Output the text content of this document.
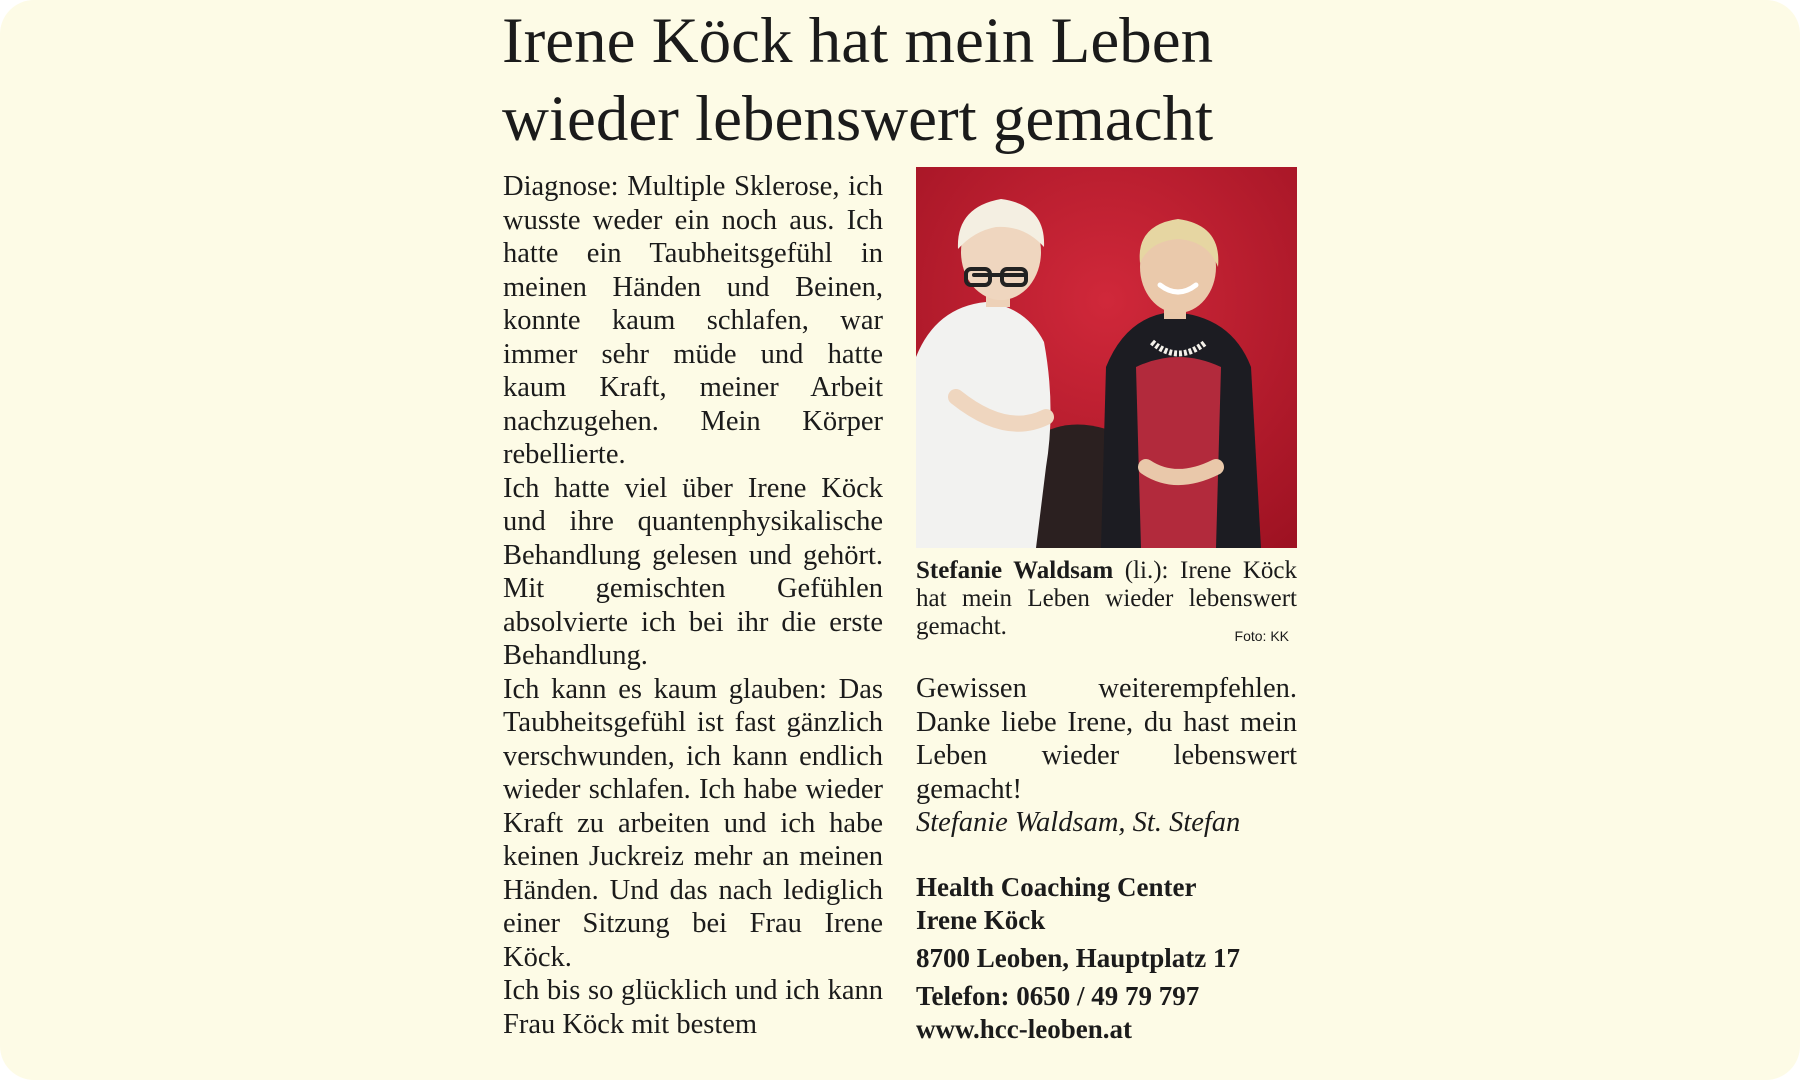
Irene Köck hat mein Leben wieder lebenswert gemacht

Diagnose: Multiple Sklerose, ich wusste weder ein noch aus. Ich hatte ein Taubheitsgefühl in meinen Händen und Beinen, konnte kaum schlafen, war immer sehr müde und hatte kaum Kraft, meiner Arbeit nachzugehen. Mein Körper rebellierte.

Ich hatte viel über Irene Köck und ihre quantenphysikalische Behandlung gelesen und gehört. Mit gemischten Gefühlen absolvierte ich bei ihr die erste Behandlung.

Ich kann es kaum glauben: Das Taubheitsgefühl ist fast gänzlich verschwunden, ich kann endlich wieder schlafen. Ich habe wieder Kraft zu arbeiten und ich habe keinen Juckreiz mehr an meinen Händen. Und das nach lediglich einer Sitzung bei Frau Irene Köck.

Ich bis so glücklich und ich kann Frau Köck mit bestem

Stefanie Waldsam (li.): Irene Köck hat mein Leben wieder lebenswert gemacht.	Foto: KK

Gewissen weiterempfehlen. Danke liebe Irene, du hast mein Leben wieder lebenswert gemacht!

Stefanie Waldsam, St. Stefan

Health Coaching Center
Irene Köck
8700 Leoben, Hauptplatz 17
Telefon: 0650 / 49 79 797
www.hcc-leoben.at
